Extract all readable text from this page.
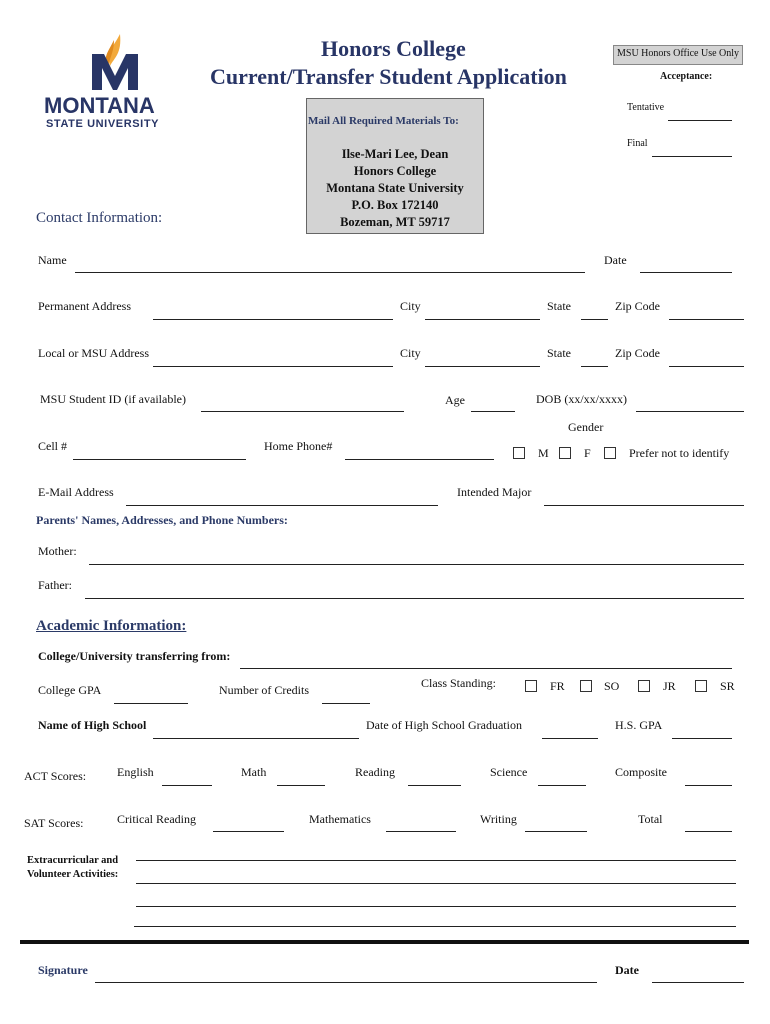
MONTANA
STATE UNIVERSITY
Honors College
Current/Transfer Student Application
MSU Honors Office Use Only
Acceptance:
Tentative
Final
Mail All Required Materials To:
Ilse-Mari Lee, Dean
Honors College
Montana State University
P.O. Box 172140
Bozeman, MT 59717
Contact Information:
Name	Date
Permanent Address	City	State	Zip Code
Local or MSU Address	City	State	Zip Code
MSU Student ID (if available)	Age	DOB (xx/xx/xxxx)
Gender
Cell #	Home Phone#	M	F	Prefer not to identify
E-Mail Address	Intended Major
Parents' Names, Addresses, and Phone Numbers:
Mother:
Father:
Academic Information:
College/University transferring from:
College GPA	Number of Credits	Class Standing:	FR	SO	JR	SR
Name of High School	Date of High School Graduation	H.S. GPA
ACT Scores:	English	Math	Reading	Science	Composite
SAT Scores:	Critical Reading	Mathematics	Writing	Total
Extracurricular and
Volunteer Activities:
Signature	Date
